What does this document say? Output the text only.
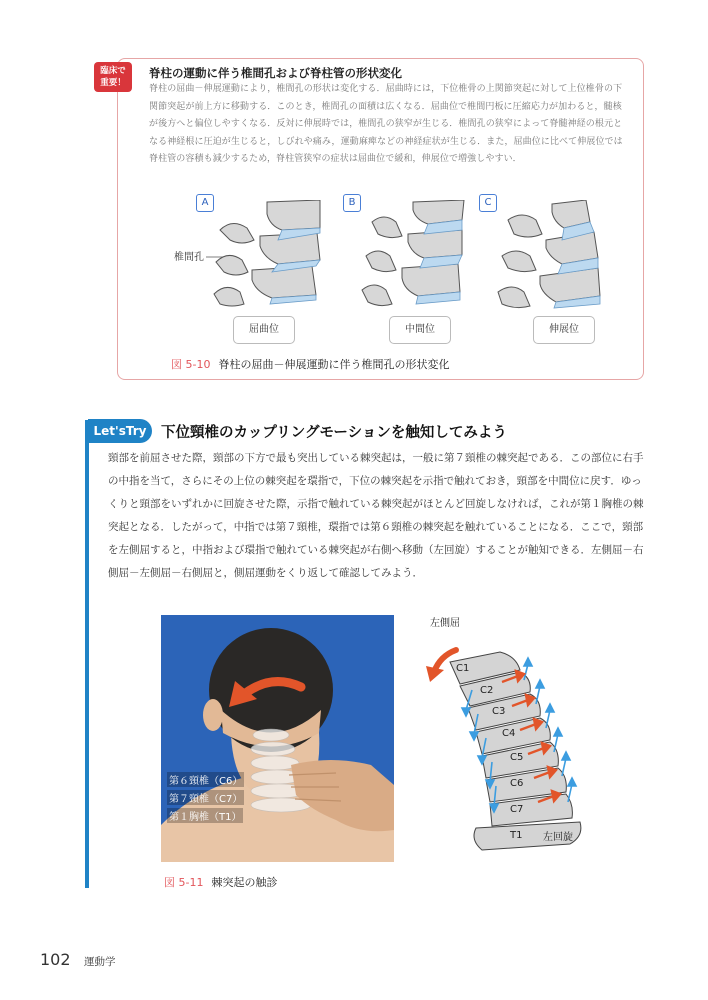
臨床で
重要！
脊柱の運動に伴う椎間孔および脊柱管の形状変化
脊柱の屈曲－伸展運動により，椎間孔の形状は変化する．屈曲時には，下位椎骨の上関節突起に対して上位椎骨の下関節突起が前上方に移動する．このとき，椎間孔の面積は広くなる．屈曲位で椎間円板に圧縮応力が加わると，髄核が後方へと偏位しやすくなる．反対に伸展時では，椎間孔の狭窄が生じる．椎間孔の狭窄によって脊髄神経の根元となる神経根に圧迫が生じると，しびれや痛み，運動麻痺などの神経症状が生じる．また，屈曲位に比べて伸展位では脊柱管の容積も減少するため，脊柱管狭窄の症状は屈曲位で緩和，伸展位で増強しやすい．
A	B	C
椎間孔
屈曲位	中間位	伸展位
図 5-10 脊柱の屈曲－伸展運動に伴う椎間孔の形状変化
Let'sTry	下位頸椎のカップリングモーションを触知してみよう
頸部を前屈させた際，頸部の下方で最も突出している棘突起は，一般に第７頸椎の棘突起である．この部位に右手の中指を当て，さらにその上位の棘突起を環指で，下位の棘突起を示指で触れておき，頸部を中間位に戻す．ゆっくりと頸部をいずれかに回旋させた際，示指で触れている棘突起がほとんど回旋しなければ，これが第１胸椎の棘突起となる．したがって，中指では第７頸椎，環指では第６頸椎の棘突起を触れていることになる．ここで，頸部を左側屈すると，中指および環指で触れている棘突起が右側へ移動（左回旋）することが触知できる．左側屈－右側屈－左側屈－右側屈と，側屈運動をくり返して確認してみよう．
第６頸椎（C6）
第７頸椎（C7）
第１胸椎（T1）
左側屈
C1
C2
C3
C4
C5
C6
C7
T1 左回旋
図 5-11 棘突起の触診
102 運動学
